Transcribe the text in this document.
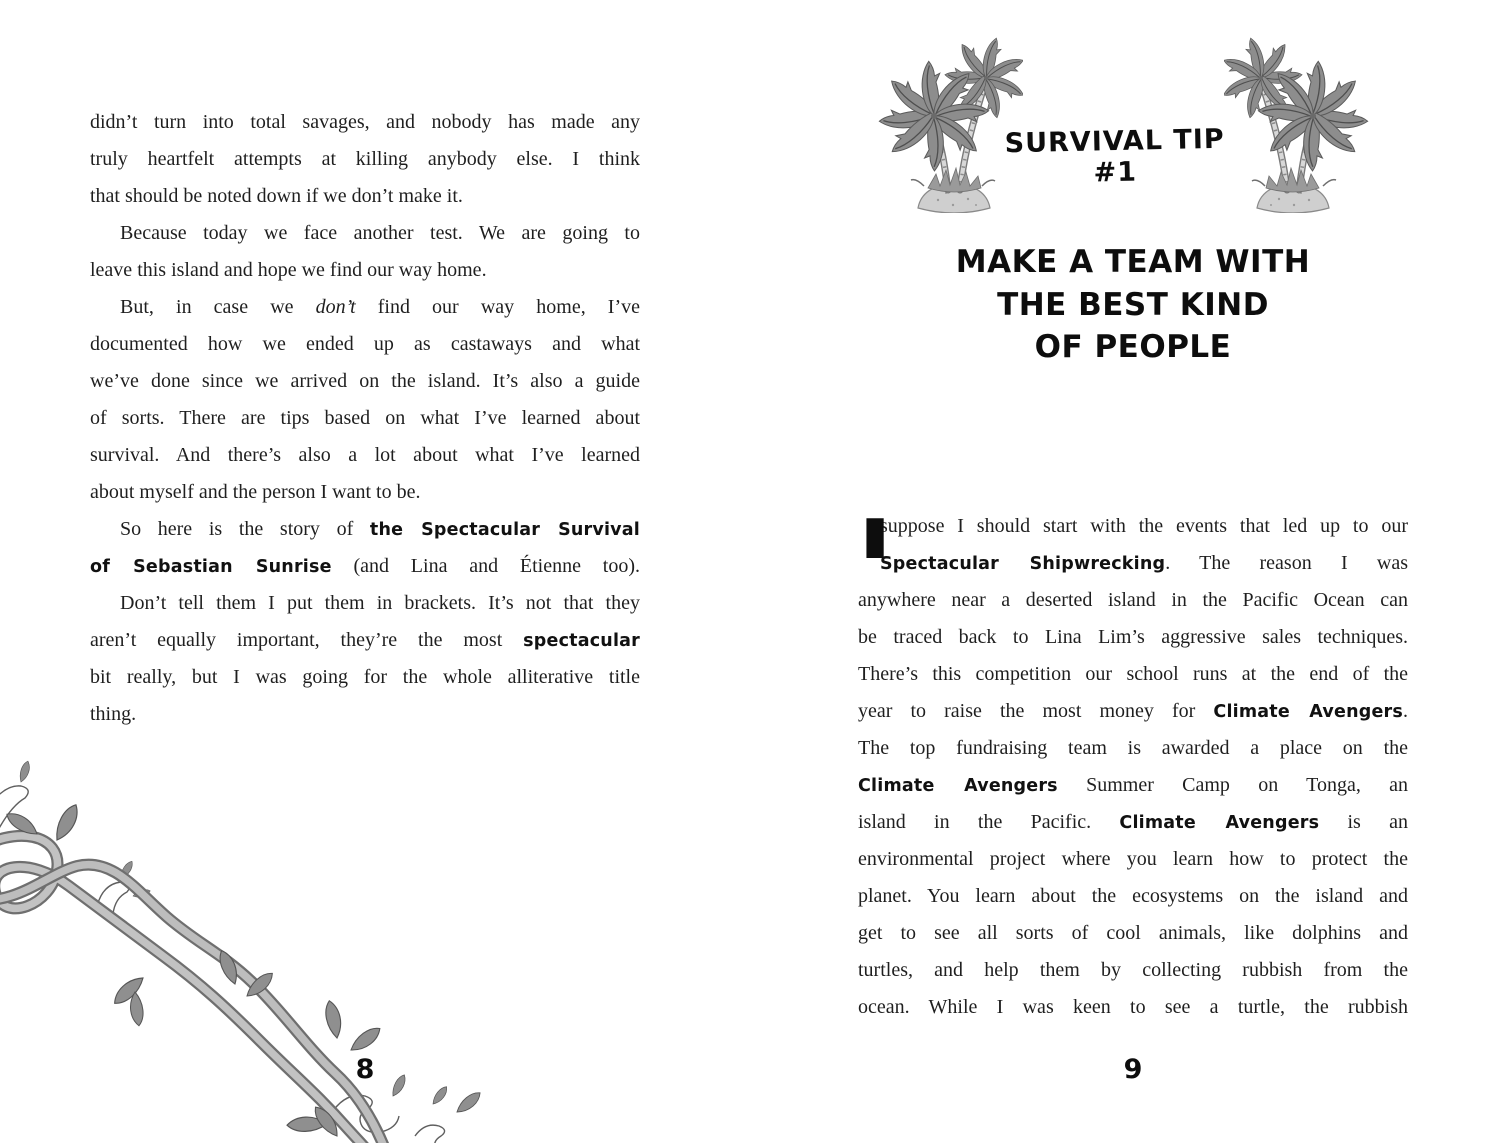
didn’t turn into total savages, and nobody has made any
truly heartfelt attempts at killing anybody else. I think
that should be noted down if we don’t make it.
Because today we face another test. We are going to
leave this island and hope we find our way home.
But, in case we don’t find our way home, I’ve
documented how we ended up as castaways and what
we’ve done since we arrived on the island. It’s also a guide
of sorts. There are tips based on what I’ve learned about
survival. And there’s also a lot about what I’ve learned
about myself and the person I want to be.
So here is the story of the Spectacular Survival
of Sebastian Sunrise (and Lina and Étienne too).
Don’t tell them I put them in brackets. It’s not that they
aren’t equally important, they’re the most spectacular
bit really, but I was going for the whole alliterative title
thing.
8
SURVIVAL TIP #1
MAKE A TEAM WITH
THE BEST KIND
OF PEOPLE
I
suppose I should start with the events that led up to our
Spectacular Shipwrecking. The reason I was
anywhere near a deserted island in the Pacific Ocean can
be traced back to Lina Lim’s aggressive sales techniques.
There’s this competition our school runs at the end of the
year to raise the most money for Climate Avengers.
The top fundraising team is awarded a place on the
Climate Avengers Summer Camp on Tonga, an
island in the Pacific. Climate Avengers is an
environmental project where you learn how to protect the
planet. You learn about the ecosystems on the island and
get to see all sorts of cool animals, like dolphins and
turtles, and help them by collecting rubbish from the
ocean. While I was keen to see a turtle, the rubbish
9
